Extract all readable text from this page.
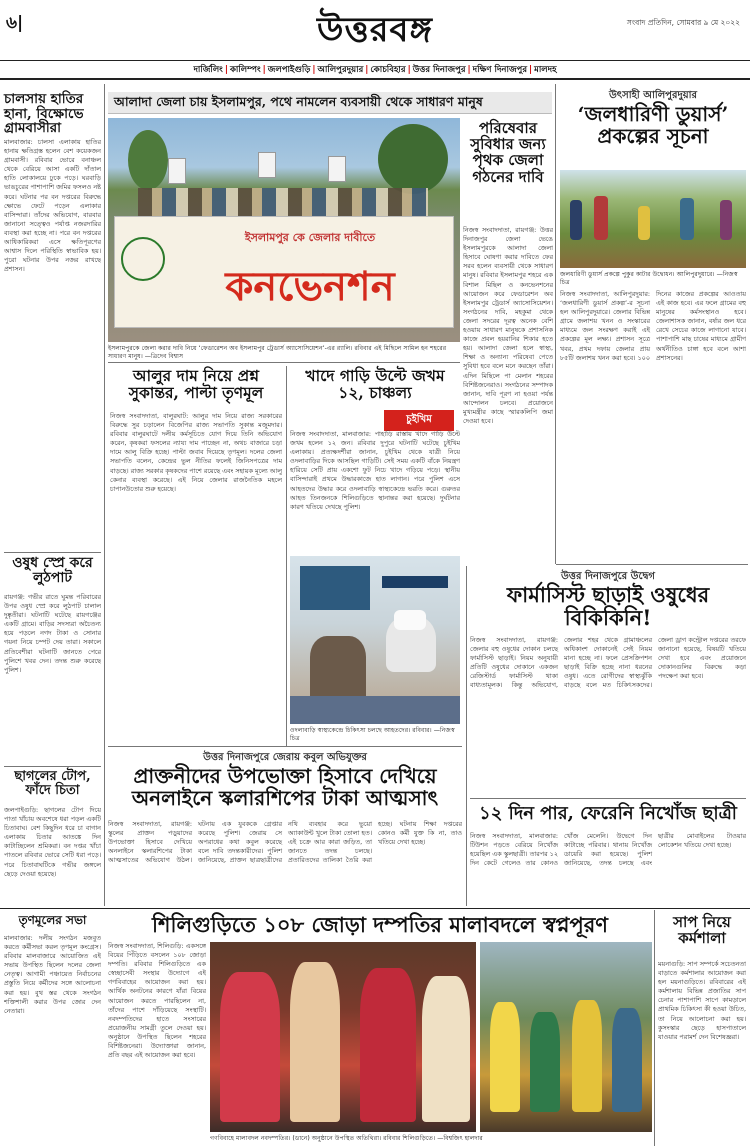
৬|	উত্তরবঙ্গ	সংবাদ প্রতিদিন, সোমবার ৯ মে ২০২২
দার্জিলিং | কালিম্পং | জলপাইগুড়ি | আলিপুরদুয়ার | কোচবিহার | উত্তর দিনাজপুর | দক্ষিণ দিনাজপুর | মালদহ
চালসায় হাতির হানা, বিক্ষোভে গ্রামবাসীরা
মালবাজার: চালসা এলাকায় হাতির হানায় ক্ষতিগ্রস্ত হলেন বেশ কয়েকজন গ্রামবাসী। রবিবার ভোরে বনাঞ্চল থেকে বেরিয়ে আসা একটি দাঁতাল হাতি লোকালয়ে ঢুকে পড়ে। ঘরবাড়ি ভাঙচুরের পাশাপাশি জমির ফসলও নষ্ট করে। ঘটনার পর বন দপ্তরের বিরুদ্ধে ক্ষোভে ফেটে পড়েন এলাকার বাসিন্দারা। তাঁদের অভিযোগ, বারবার জানানো সত্ত্বেও পর্যাপ্ত নজরদারির ব্যবস্থা করা হচ্ছে না। পরে বন দপ্তরের আধিকারিকরা এসে ক্ষতিপূরণের আশ্বাস দিলে পরিস্থিতি স্বাভাবিক হয়। পুরো ঘটনার উপর নজর রাখছে প্রশাসন।
ওষুধ স্প্রে করে লুঠপাট
রায়গঞ্জ: গভীর রাতে ঘুমন্ত পরিবারের উপর ওষুধ স্প্রে করে লুঠপাট চালাল দুষ্কৃতীরা। ঘটনাটি ঘটেছে রায়গঞ্জের একটি গ্রামে। বাড়ির সদস্যরা অচৈতন্য হয়ে পড়লে নগদ টাকা ও সোনার গয়না নিয়ে চম্পট দেয় তারা। সকালে প্রতিবেশীরা ঘটনাটি জানতে পেরে পুলিশে খবর দেন। তদন্ত শুরু করেছে পুলিশ।
ছাগলের টোপ, ফাঁদে চিতা
জলপাইগুড়ি: ছাগলের টোপ দিয়ে পাতা খাঁচায় অবশেষে ধরা পড়ল একটি চিতাবাঘ। বেশ কিছুদিন ধরে চা বাগান এলাকায় চিতার আতঙ্কে দিন কাটাচ্ছিলেন শ্রমিকরা। বন দপ্তর খাঁচা পাতলে রবিবার ভোরে সেটি ধরা পড়ে। পরে চিতাবাঘটিকে গভীর জঙ্গলে ছেড়ে দেওয়া হয়েছে।
আলাদা জেলা চায় ইসলামপুর, পথে নামলেন ব্যবসায়ী থেকে সাধারণ মানুষ
ইসলামপুর কে জেলার দাবীতে
কনভেনশন
ইসলামপুরকে জেলা করার দাবি নিয়ে ‘ফেডারেশন অব ইসলামপুর ট্রেডার্স অ্যাসোসিয়েশন’-এর র‌্যালি। রবিবার এই মিছিলে সামিল হন শহরের সাধারণ মানুষ। —ত্রিদেব বিশ্বাস
পরিষেবার সুবিধার জন্য পৃথক জেলা গঠনের দাবি
নিজস্ব সংবাদদাতা, রায়গঞ্জ: উত্তর দিনাজপুর জেলা ভেঙে ইসলামপুরকে আলাদা জেলা হিসাবে ঘোষণা করার দাবিতে ফের সরব হলেন ব্যবসায়ী থেকে সাধারণ মানুষ। রবিবার ইসলামপুর শহরে এক বিশাল মিছিল ও কনভেনশনের আয়োজন করে ফেডারেশন অব ইসলামপুর ট্রেডার্স অ্যাসোসিয়েশন। সংগঠনের দাবি, মহকুমা থেকে জেলা সদরের দূরত্ব অনেক বেশি হওয়ায় সাধারণ মানুষকে প্রশাসনিক কাজে প্রবল হয়রানির শিকার হতে হয়। আলাদা জেলা হলে স্বাস্থ্য, শিক্ষা ও অন্যান্য পরিষেবা পেতে সুবিধা হবে বলে মনে করছেন তাঁরা। এদিন মিছিলে পা মেলান শহরের বিশিষ্টজনেরাও। সংগঠনের সম্পাদক জানান, দাবি পূরণ না হওয়া পর্যন্ত আন্দোলন চলবে। প্রয়োজনে মুখ্যমন্ত্রীর কাছে স্মারকলিপি জমা দেওয়া হবে।
আলুর দাম নিয়ে প্রশ্ন সুকান্তর, পাল্টা তৃণমূল
নিজস্ব সংবাদদাতা, বালুরঘাট: আলুর দাম নিয়ে রাজ্য সরকারের বিরুদ্ধে সুর চড়ালেন বিজেপির রাজ্য সভাপতি সুকান্ত মজুমদার। রবিবার বালুরঘাটে দলীয় কর্মসূচিতে যোগ দিয়ে তিনি অভিযোগ করেন, কৃষকরা ফসলের ন্যায্য দাম পাচ্ছেন না, অথচ বাজারে চড়া দামে আলু বিক্রি হচ্ছে। পাল্টা জবাব দিয়েছে তৃণমূল। দলের জেলা সভাপতি বলেন, কেন্দ্রের ভুল নীতির ফলেই জিনিসপত্রের দাম বাড়ছে। রাজ্য সরকার কৃষকদের পাশে রয়েছে এবং সহায়ক মূল্যে আলু কেনার ব্যবস্থা করেছে। এই নিয়ে জেলার রাজনৈতিক মহলে চাপানউতোর শুরু হয়েছে।
খাদে গাড়ি উল্টে জখম ১২, চাঞ্চল্য
চুইখিম
নিজস্ব সংবাদদাতা, মালবাজার: পাহাড়ি রাস্তায় খাদে গাড়ি উল্টে জখম হলেন ১২ জন। রবিবার দুপুরে ঘটনাটি ঘটেছে চুইখিম এলাকায়। প্রত্যক্ষদর্শীরা জানান, চুইখিম থেকে যাত্রী নিয়ে ওদলাবাড়ির দিকে আসছিল গাড়িটি। সেই সময় একটি বাঁকে নিয়ন্ত্রণ হারিয়ে সেটি প্রায় একশো ফুট নিচে খাদে গড়িয়ে পড়ে। স্থানীয় বাসিন্দারাই প্রথমে উদ্ধারকাজে হাত লাগান। পরে পুলিশ এসে আহতদের উদ্ধার করে ওদলাবাড়ি স্বাস্থ্যকেন্দ্রে ভরতি করে। গুরুতর আহত তিনজনকে শিলিগুড়িতে স্থানান্তর করা হয়েছে। দুর্ঘটনার কারণ খতিয়ে দেখছে পুলিশ।
ওদলাবাড়ি স্বাস্থ্যকেন্দ্রে চিকিৎসা চলছে আহতদের। রবিবার। —নিজস্ব চিত্র
উৎসাহী আলিপুরদুয়ার
‘জলধারিণী ডুয়ার্স’ প্রকল্পের সূচনা
জলধারিণী ডুয়ার্স প্রকল্পে পুকুর কাটার উদ্বোধন। আলিপুরদুয়ারে। —নিজস্ব চিত্র
নিজস্ব সংবাদদাতা, আলিপুরদুয়ার: ‘জলধারিণী ডুয়ার্স প্রকল্প’-র সূচনা হল আলিপুরদুয়ারে। জেলার বিভিন্ন গ্রামে জলাশয় খনন ও সংস্কারের মাধ্যমে জল সংরক্ষণ করাই এই প্রকল্পের মূল লক্ষ্য। প্রশাসন সূত্রে খবর, প্রথম দফায় জেলার প্রায় ৮৫টি জলাশয় খনন করা হবে। ১০০ দিনের কাজের প্রকল্পের আওতায় এই কাজ হবে। এর ফলে গ্রামের বহু মানুষের কর্মসংস্থানও হবে। জেলাশাসক জানান, বর্ষার জল ধরে রেখে সেচের কাজে লাগানো যাবে। পাশাপাশি মাছ চাষের মাধ্যমে গ্রামীণ অর্থনীতিও চাঙ্গা হবে বলে আশা প্রশাসনের।
উত্তর দিনাজপুরে উদ্বেগ
ফার্মাসিস্ট ছাড়াই ওষুধের বিকিকিনি!
নিজস্ব সংবাদদাতা, রায়গঞ্জ: জেলার বহু ওষুধের দোকান চলছে ফার্মাসিস্ট ছাড়াই। নিয়ম অনুযায়ী প্রতিটি ওষুধের দোকানে একজন রেজিস্টার্ড ফার্মাসিস্ট থাকা বাধ্যতামূলক। কিন্তু অভিযোগ, জেলার শহর থেকে গ্রামাঞ্চলের অধিকাংশ দোকানেই সেই নিয়ম মানা হচ্ছে না। ফলে প্রেসক্রিপশন ছাড়াই বিক্রি হচ্ছে নানা ধরনের ওষুধ। এতে রোগীদের স্বাস্থ্যঝুঁকি বাড়ছে বলে মত চিকিৎসকদের। জেলা ড্রাগ কন্ট্রোল দপ্তরের তরফে জানানো হয়েছে, বিষয়টি খতিয়ে দেখা হবে এবং প্রয়োজনে দোকানগুলির বিরুদ্ধে কড়া পদক্ষেপ করা হবে।
উত্তর দিনাজপুরে জেরায় কবুল অভিযুক্তর
প্রাক্তনীদের উপভোক্তা হিসাবে দেখিয়ে অনলাইনে স্কলারশিপের টাকা আত্মসাৎ
নিজস্ব সংবাদদাতা, রায়গঞ্জ: স্কুলের প্রাক্তন পড়ুয়াদের উপভোক্তা হিসাবে দেখিয়ে অনলাইনে স্কলারশিপের টাকা আত্মসাতের অভিযোগ উঠল। ঘটনায় এক যুবককে গ্রেপ্তার করেছে পুলিশ। জেরায় সে অপরাধের কথা কবুল করেছে বলে দাবি তদন্তকারীদের। পুলিশ জানিয়েছে, প্রাক্তন ছাত্রছাত্রীদের নথি ব্যবহার করে ভুয়ো অ্যাকাউন্ট খুলে টাকা তোলা হত। এই চক্রে আর কারা জড়িত, তা জানতে তদন্ত চলছে। প্রতারিতদের তালিকা তৈরি করা হচ্ছে। ঘটনায় শিক্ষা দপ্তরের কোনও কর্মী যুক্ত কি না, তাও খতিয়ে দেখা হচ্ছে।
১২ দিন পার, ফেরেনি নিখোঁজ ছাত্রী
নিজস্ব সংবাদদাতা, মালবাজার: টিউশন পড়তে বেরিয়ে নিখোঁজ হয়েছিল এক স্কুলছাত্রী। তারপর ১২ দিন কেটে গেলেও তার কোনও খোঁজ মেলেনি। উদ্বেগে দিন কাটাচ্ছে পরিবার। থানায় নিখোঁজ ডায়েরি করা হয়েছে। পুলিশ জানিয়েছে, তদন্ত চলছে এবং ছাত্রীর মোবাইলের টাওয়ার লোকেশন খতিয়ে দেখা হচ্ছে।
তৃণমূলের সভা
মালবাজার: দলীয় সংগঠন মজবুত করতে কর্মীসভা করল তৃণমূল কংগ্রেস। রবিবার মালবাজারে আয়োজিত এই সভায় উপস্থিত ছিলেন দলের জেলা নেতৃত্ব। আগামী পঞ্চায়েত নির্বাচনের প্রস্তুতি নিয়ে কর্মীদের সঙ্গে আলোচনা করা হয়। বুথ স্তর থেকে সংগঠন শক্তিশালী করার উপর জোর দেন নেতারা।
শিলিগুড়িতে ১০৮ জোড়া দম্পতির মালাবদলে স্বপ্নপূরণ
নিজস্ব সংবাদদাতা, শিলিগুড়ি: একসঙ্গে বিয়ের পিঁড়িতে বসলেন ১০৮ জোড়া দম্পতি। রবিবার শিলিগুড়িতে এক স্বেচ্ছাসেবী সংস্থার উদ্যোগে এই গণবিবাহের আয়োজন করা হয়। আর্থিক অনটনের কারণে যাঁরা বিয়ের আয়োজন করতে পারছিলেন না, তাঁদের পাশে দাঁড়িয়েছে সংস্থাটি। নবদম্পতিদের হাতে সংসারের প্রয়োজনীয় সামগ্রী তুলে দেওয়া হয়। অনুষ্ঠানে উপস্থিত ছিলেন শহরের বিশিষ্টজনেরা। উদ্যোক্তারা জানান, প্রতি বছর এই আয়োজন করা হবে।
গণবিবাহে মালাবদল নবদম্পতির। (ডানে) অনুষ্ঠানে উপস্থিত অতিথিরা। রবিবার শিলিগুড়িতে। —বিশ্বজিৎ হালদার
সাপ নিয়ে কর্মশালা
ময়নাগুড়ি: সাপ সম্পর্কে সচেতনতা বাড়াতে কর্মশালার আয়োজন করা হল ময়নাগুড়িতে। রবিবারের এই কর্মশালায় বিভিন্ন প্রজাতির সাপ চেনার পাশাপাশি সাপে কামড়ালে প্রাথমিক চিকিৎসা কী হওয়া উচিত, তা নিয়ে আলোচনা করা হয়। কুসংস্কার ছেড়ে হাসপাতালে যাওয়ার পরামর্শ দেন বিশেষজ্ঞরা।
